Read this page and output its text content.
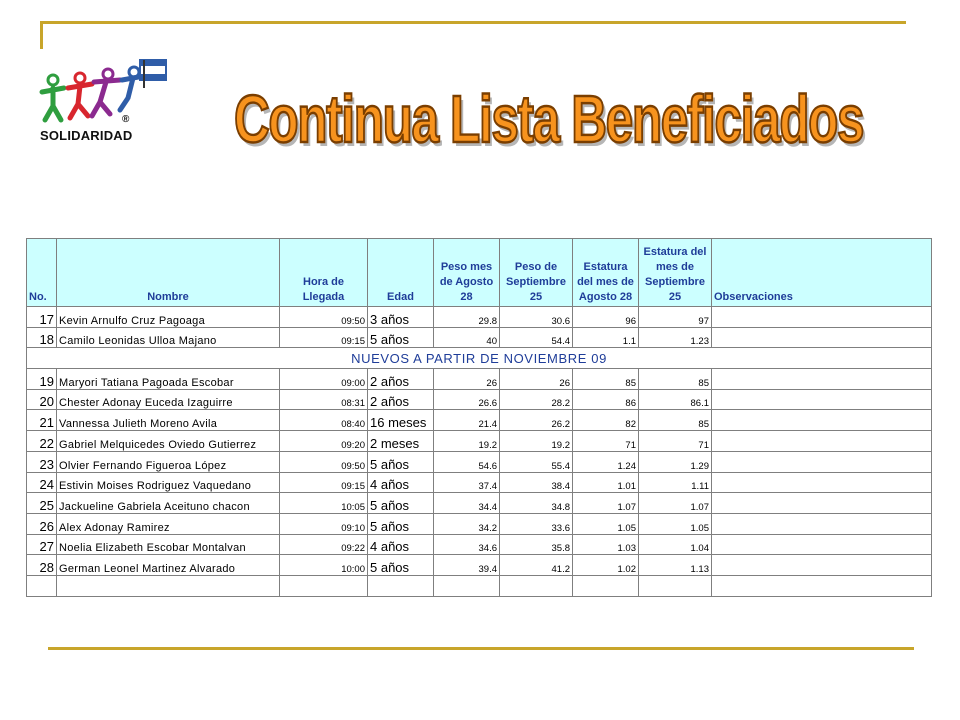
®
SOLIDARIDAD Continua Lista Beneficiados
No.	Nombre	Hora de Llegada	Edad	Peso mes de Agosto 28	Peso de Septiembre 25	Estatura del mes de Agosto 28	Estatura del mes de Septiembre 25	Observaciones
17	Kevin Arnulfo Cruz Pagoaga	09:50	3 años	29.8	30.6	96	97	
18	Camilo Leonidas Ulloa Majano	09:15	5 años	40	54.4	1.1	1.23	
NUEVOS A PARTIR DE NOVIEMBRE 09								
19	Maryori Tatiana Pagoada Escobar	09:00	2 años	26	26	85	85	
20	Chester Adonay Euceda Izaguirre	08:31	2 años	26.6	28.2	86	86.1	
21	Vannessa Julieth Moreno Avila	08:40	16 meses	21.4	26.2	82	85	
22	Gabriel Melquicedes Oviedo Gutierrez	09:20	2 meses	19.2	19.2	71	71	
23	Olvier Fernando Figueroa López	09:50	5 años	54.6	55.4	1.24	1.29	
24	Estivin Moises Rodriguez Vaquedano	09:15	4 años	37.4	38.4	1.01	1.11	
25	Jackueline Gabriela Aceituno chacon	10:05	5 años	34.4	34.8	1.07	1.07	
26	Alex Adonay Ramirez	09:10	5 años	34.2	33.6	1.05	1.05	
27	Noelia Elizabeth Escobar Montalvan	09:22	4 años	34.6	35.8	1.03	1.04	
28	German Leonel Martinez Alvarado	10:00	5 años	39.4	41.2	1.02	1.13	
